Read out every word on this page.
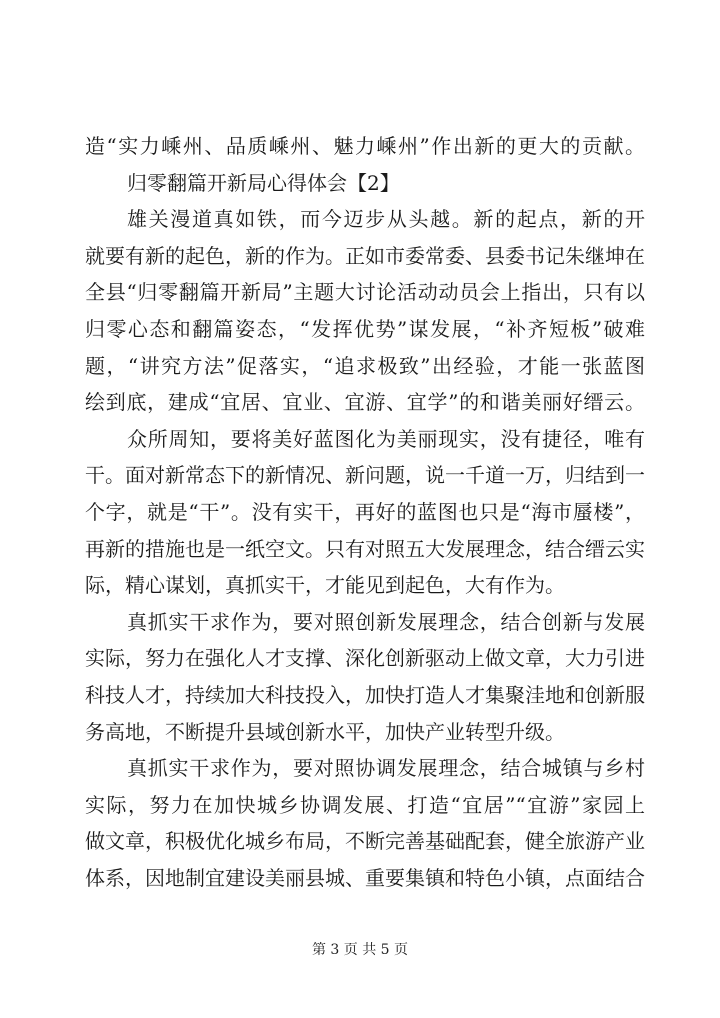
造“实力嵊州、品质嵊州、魅力嵊州”作出新的更大的贡献。
归零翻篇开新局心得体会【2】
雄关漫道真如铁，而今迈步从头越。新的起点，新的开
就要有新的起色，新的作为。正如市委常委、县委书记朱继坤在
全县“归零翻篇开新局”主题大讨论活动动员会上指出，只有以
归零心态和翻篇姿态，“发挥优势”谋发展，“补齐短板”破难
题，“讲究方法”促落实，“追求极致”出经验，才能一张蓝图
绘到底，建成“宜居、宜业、宜游、宜学”的和谐美丽好缙云。
众所周知，要将美好蓝图化为美丽现实，没有捷径，唯有
干。面对新常态下的新情况、新问题，说一千道一万，归结到一
个字，就是“干”。没有实干，再好的蓝图也只是“海市蜃楼”，
再新的措施也是一纸空文。只有对照五大发展理念，结合缙云实
际，精心谋划，真抓实干，才能见到起色，大有作为。
真抓实干求作为，要对照创新发展理念，结合创新与发展
实际，努力在强化人才支撑、深化创新驱动上做文章，大力引进
科技人才，持续加大科技投入，加快打造人才集聚洼地和创新服
务高地，不断提升县域创新水平，加快产业转型升级。
真抓实干求作为，要对照协调发展理念，结合城镇与乡村
实际，努力在加快城乡协调发展、打造“宜居”“宜游”家园上
做文章，积极优化城乡布局，不断完善基础配套，健全旅游产业
体系，因地制宜建设美丽县城、重要集镇和特色小镇，点面结合
第 3 页 共 5 页
